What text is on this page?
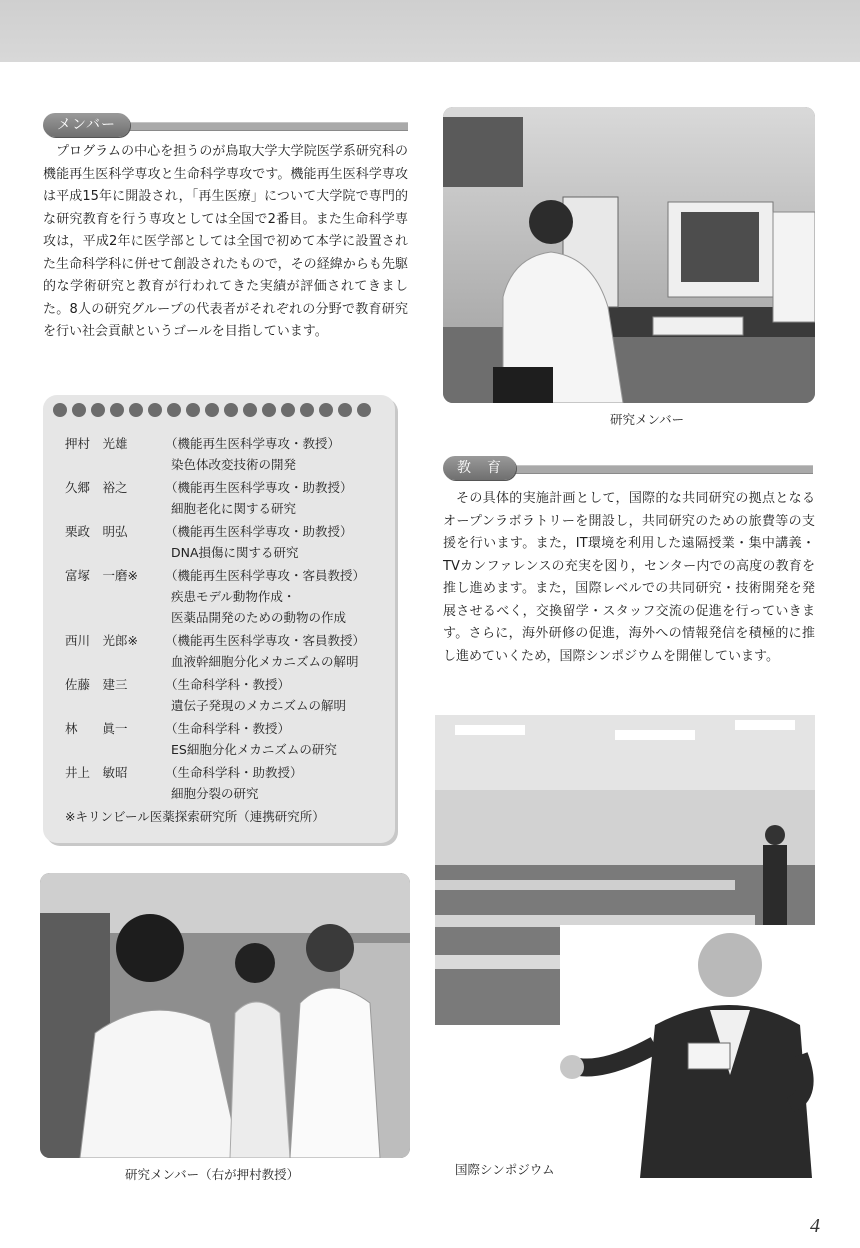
メンバー

プログラムの中心を担うのが鳥取大学大学院医学系研究科の機能再生医科学専攻と生命科学専攻です。機能再生医科学専攻は平成15年に開設され，「再生医療」について大学院で専門的な研究教育を行う専攻としては全国で2番目。また生命科学専攻は，平成2年に医学部としては全国で初めて本学に設置された生命科学科に併せて創設されたもので，その経緯からも先駆的な学術研究と教育が行われてきた実績が評価されてきました。8人の研究グループの代表者がそれぞれの分野で教育研究を行い社会貢献というゴールを目指しています。

押村　光雄	（機能再生医科学専攻・教授）
染色体改変技術の開発
久郷　裕之	（機能再生医科学専攻・助教授）
細胞老化に関する研究
栗政　明弘	（機能再生医科学専攻・助教授）
DNA損傷に関する研究
富塚　一磨※ （機能再生医科学専攻・客員教授）
疾患モデル動物作成・
医薬品開発のための動物の作成
西川　光郎※ （機能再生医科学専攻・客員教授）
血液幹細胞分化メカニズムの解明
佐藤　建三	（生命科学科・教授）
遺伝子発現のメカニズムの解明
林　　眞一	（生命科学科・教授）
ES細胞分化メカニズムの研究
井上　敏昭	（生命科学科・助教授）
細胞分裂の研究
※キリンビール医薬探索研究所（連携研究所）
研究メンバー
教　育

その具体的実施計画として，国際的な共同研究の拠点となるオープンラボラトリーを開設し，共同研究のための旅費等の支援を行います。また，IT環境を利用した遠隔授業・集中講義・TVカンファレンスの充実を図り，センター内での高度の教育を推し進めます。また，国際レベルでの共同研究・技術開発を発展させるべく，交換留学・スタッフ交流の促進を行っていきます。さらに，海外研修の促進，海外への情報発信を積極的に推し進めていくため，国際シンポジウムを開催しています。

研究メンバー（右が押村教授）	国際シンポジウム
4
